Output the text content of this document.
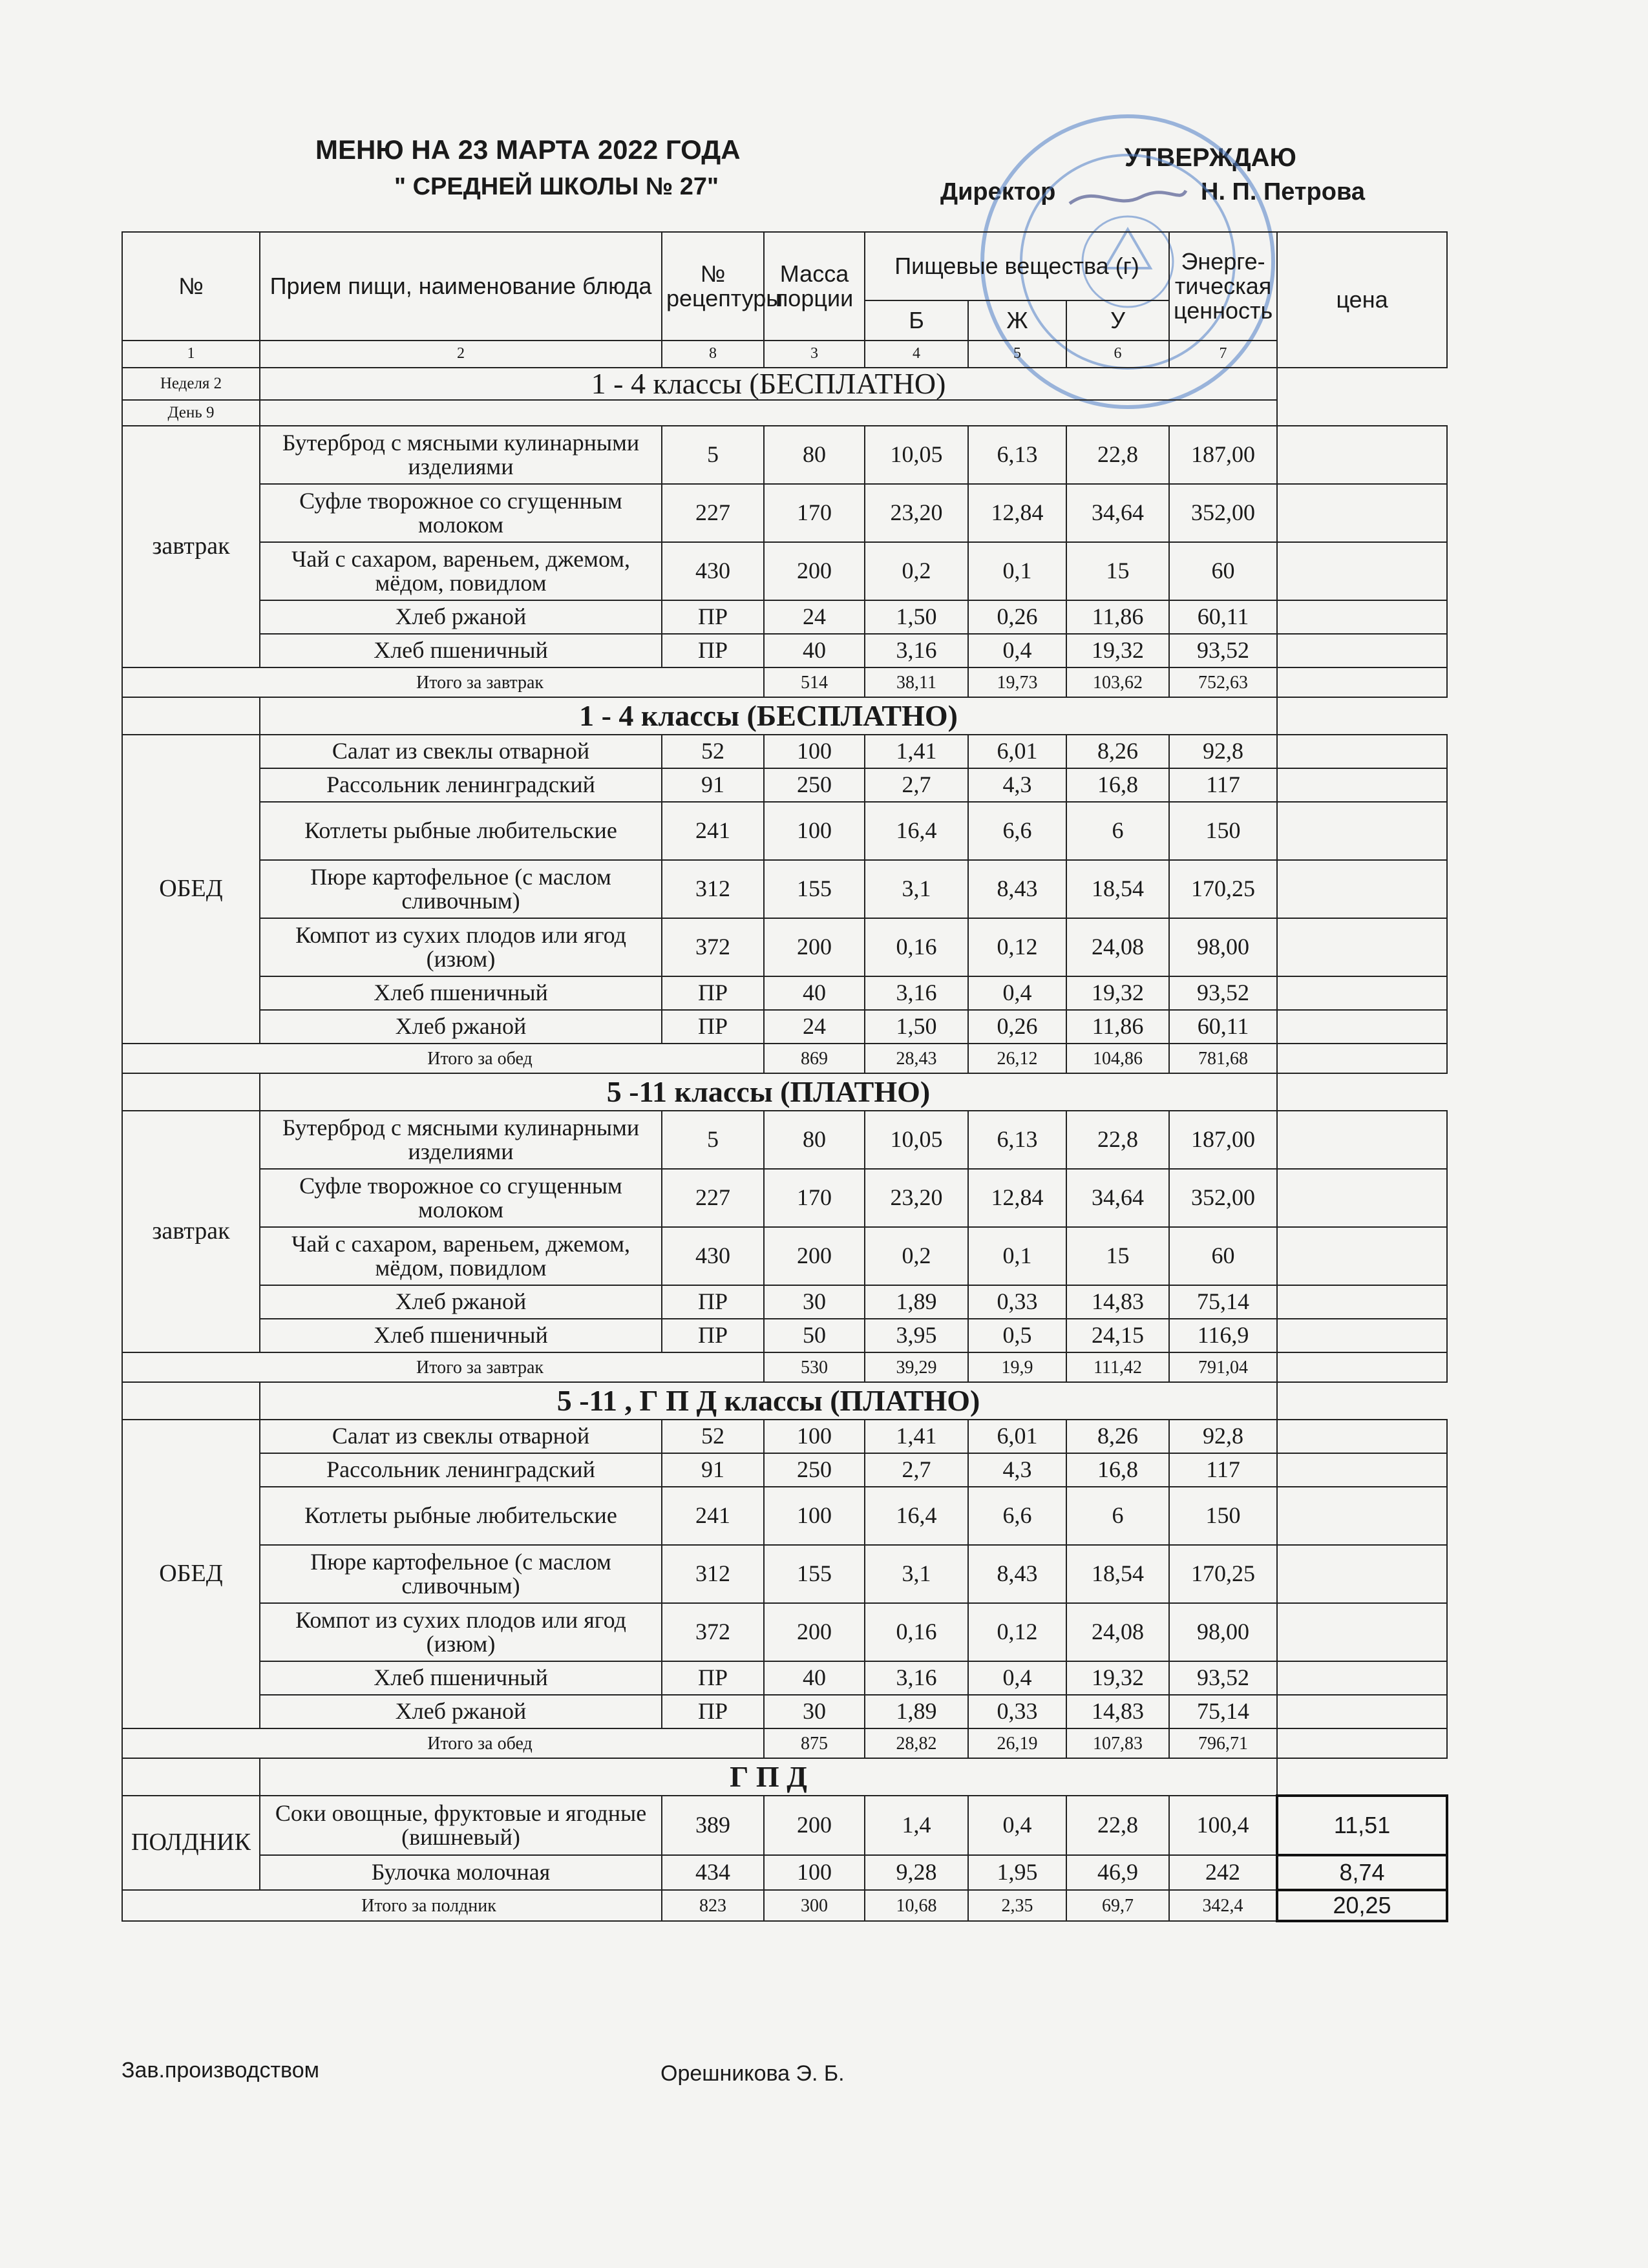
МЕНЮ НА 23 МАРТА 2022 ГОДА
" СРЕДНЕЙ ШКОЛЫ № 27"
УТВЕРЖДАЮ
Директор	Н. П. Петрова
№	Прием пищи, наименование блюда	№ рецептуры	Масса порции	Пищевые вещества (г)			Энерге-тическая ценность	цена
				Б	Ж	У		
1	2	8	3	4	5	6	7	
Неделя 2	1 - 4 классы (БЕСПЛАТНО)							
День 9								
завтрак	Бутерброд с мясными кулинарными изделиями	5	80	10,05	6,13	22,8	187,00	
	Суфле творожное со сгущенным молоком	227	170	23,20	12,84	34,64	352,00	
	Чай с сахаром, вареньем, джемом, мёдом, повидлом	430	200	0,2	0,1	15	60	
	Хлеб ржаной	ПР	24	1,50	0,26	11,86	60,11	
	Хлеб пшеничный	ПР	40	3,16	0,4	19,32	93,52	
Итого за завтрак			514	38,11	19,73	103,62	752,63	
	1 - 4 классы (БЕСПЛАТНО)							
ОБЕД	Салат из свеклы отварной	52	100	1,41	6,01	8,26	92,8	
	Рассольник ленинградский	91	250	2,7	4,3	16,8	117	
	Котлеты рыбные любительские	241	100	16,4	6,6	6	150	
	Пюре картофельное (с маслом сливочным)	312	155	3,1	8,43	18,54	170,25	
	Компот из сухих плодов или ягод (изюм)	372	200	0,16	0,12	24,08	98,00	
	Хлеб пшеничный	ПР	40	3,16	0,4	19,32	93,52	
	Хлеб ржаной	ПР	24	1,50	0,26	11,86	60,11	
Итого за обед			869	28,43	26,12	104,86	781,68	
	5 -11 классы (ПЛАТНО)							
завтрак	Бутерброд с мясными кулинарными изделиями	5	80	10,05	6,13	22,8	187,00	
	Суфле творожное со сгущенным молоком	227	170	23,20	12,84	34,64	352,00	
	Чай с сахаром, вареньем, джемом, мёдом, повидлом	430	200	0,2	0,1	15	60	
	Хлеб ржаной	ПР	30	1,89	0,33	14,83	75,14	
	Хлеб пшеничный	ПР	50	3,95	0,5	24,15	116,9	
Итого за завтрак			530	39,29	19,9	111,42	791,04	
	5 -11 , Г П Д классы (ПЛАТНО)							
ОБЕД	Салат из свеклы отварной	52	100	1,41	6,01	8,26	92,8	
	Рассольник ленинградский	91	250	2,7	4,3	16,8	117	
	Котлеты рыбные любительские	241	100	16,4	6,6	6	150	
	Пюре картофельное (с маслом сливочным)	312	155	3,1	8,43	18,54	170,25	
	Компот из сухих плодов или ягод (изюм)	372	200	0,16	0,12	24,08	98,00	
	Хлеб пшеничный	ПР	40	3,16	0,4	19,32	93,52	
	Хлеб ржаной	ПР	30	1,89	0,33	14,83	75,14	
Итого за обед			875	28,82	26,19	107,83	796,71	
	Г П Д							
ПОЛДНИК	Соки овощные, фруктовые и ягодные (вишневый)	389	200	1,4	0,4	22,8	100,4	11,51
	Булочка молочная	434	100	9,28	1,95	46,9	242	8,74
Итого за полдник		823	300	10,68	2,35	69,7	342,4	20,25
Зав.производством	Орешникова Э. Б.
